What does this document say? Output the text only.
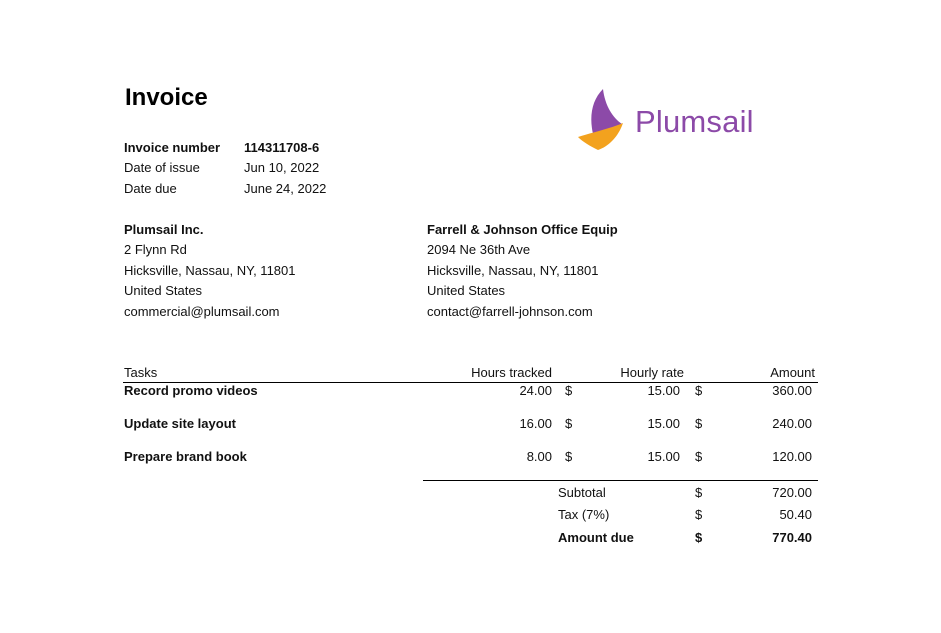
Invoice
Plumsail
Invoice number 114311708-6
Date of issue	Jun 10, 2022
Date due	June 24, 2022
Plumsail Inc.
2 Flynn Rd
Hicksville, Nassau, NY, 11801
United States
commercial@plumsail.com
Farrell & Johnson Office Equip
2094 Ne 36th Ave
Hicksville, Nassau, NY, 11801
United States
contact@farrell-johnson.com
Tasks	Hours tracked	Hourly rate	Amount
Record promo videos	24.00 $	15.00 $	360.00
Update site layout	16.00 $	15.00 $	240.00
Prepare brand book	8.00 $	15.00 $	120.00
Subtotal	$	720.00
Tax (7%)	$	50.40
Amount due	$	770.40
